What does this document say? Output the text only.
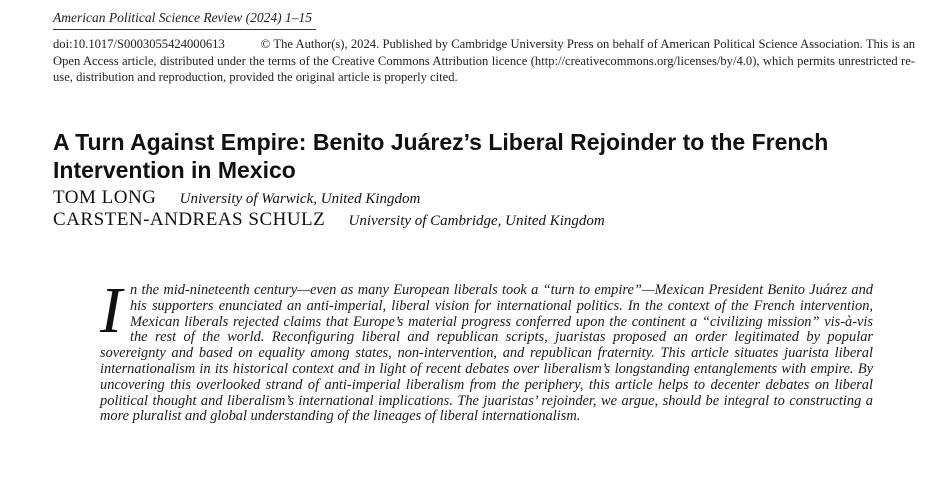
American Political Science Review (2024) 1–15
doi:10.1017/S0003055424000613	© The Author(s), 2024. Published by Cambridge University Press on behalf of American Political Science Association. This is an Open Access article, distributed under the terms of the Creative Commons Attribution licence (http://creativecommons.org/licenses/by/4.0), which permits unrestricted re-use, distribution and reproduction, provided the original article is properly cited.
A Turn Against Empire: Benito Juárez’s Liberal Rejoinder to the French Intervention in Mexico
TOM LONG University of Warwick, United Kingdom
CARSTEN-ANDREAS SCHULZ University of Cambridge, United Kingdom

In the mid-nineteenth century—even as many European liberals took a “turn to empire”—Mexican President Benito Juárez and his supporters enunciated an anti-imperial, liberal vision for international politics. In the context of the French intervention, Mexican liberals rejected claims that Europe’s material progress conferred upon the continent a “civilizing mission” vis-à-vis the rest of the world. Reconfiguring liberal and republican scripts, juaristas proposed an order legitimated by popular sovereignty and based on equality among states, non-intervention, and republican fraternity. This article situates juarista liberal internationalism in its historical context and in light of recent debates over liberalism’s longstanding entanglements with empire. By uncovering this overlooked strand of anti-imperial liberalism from the periphery, this article helps to decenter debates on liberal political thought and liberalism’s international implications. The juaristas’ rejoinder, we argue, should be integral to constructing a more pluralist and global understanding of the lineages of liberal internationalism.
